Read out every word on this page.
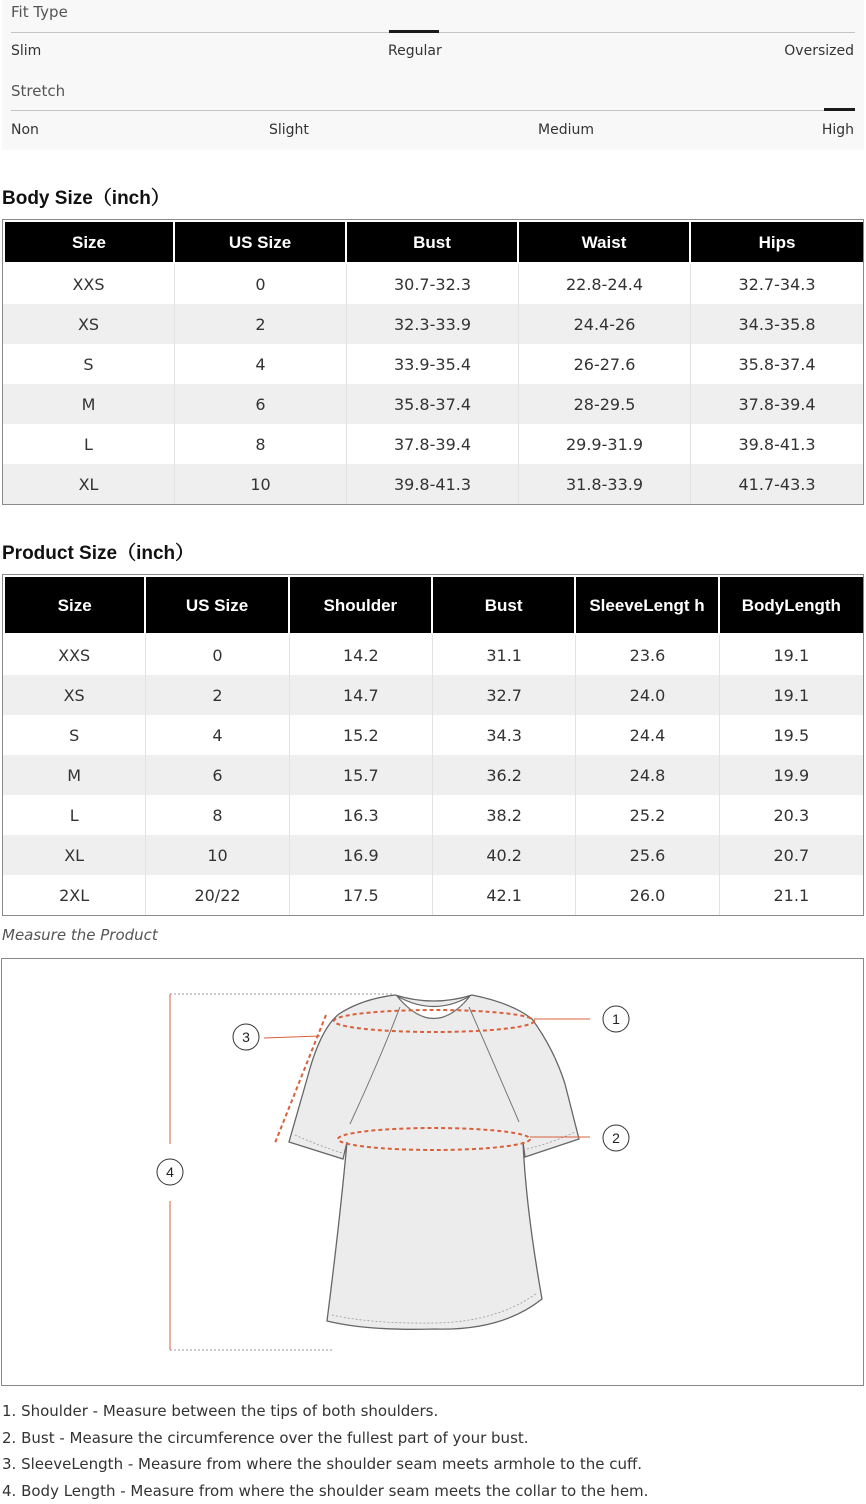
Fit Type
Slim	Regular	Oversized
Stretch
Non	Slight	Medium	High
Body Size（inch）
Size	US Size	Bust	Waist	Hips
XXS	0	30.7-32.3	22.8-24.4	32.7-34.3
XS	2	32.3-33.9	24.4-26	34.3-35.8
S	4	33.9-35.4	26-27.6	35.8-37.4
M	6	35.8-37.4	28-29.5	37.8-39.4
L	8	37.8-39.4	29.9-31.9	39.8-41.3
XL	10	39.8-41.3	31.8-33.9	41.7-43.3
Product Size（inch）
Size	US Size	Shoulder	Bust	SleeveLengt h	BodyLength
XXS	0	14.2	31.1	23.6	19.1
XS	2	14.7	32.7	24.0	19.1
S	4	15.2	34.3	24.4	19.5
M	6	15.7	36.2	24.8	19.9
L	8	16.3	38.2	25.2	20.3
XL	10	16.9	40.2	25.6	20.7
2XL	20/22	17.5	42.1	26.0	21.1
Measure the Product
1
2
3
4
1. Shoulder - Measure between the tips of both shoulders.
2. Bust - Measure the circumference over the fullest part of your bust.
3. SleeveLength - Measure from where the shoulder seam meets armhole to the cuff.
4. Body Length - Measure from where the shoulder seam meets the collar to the hem.
